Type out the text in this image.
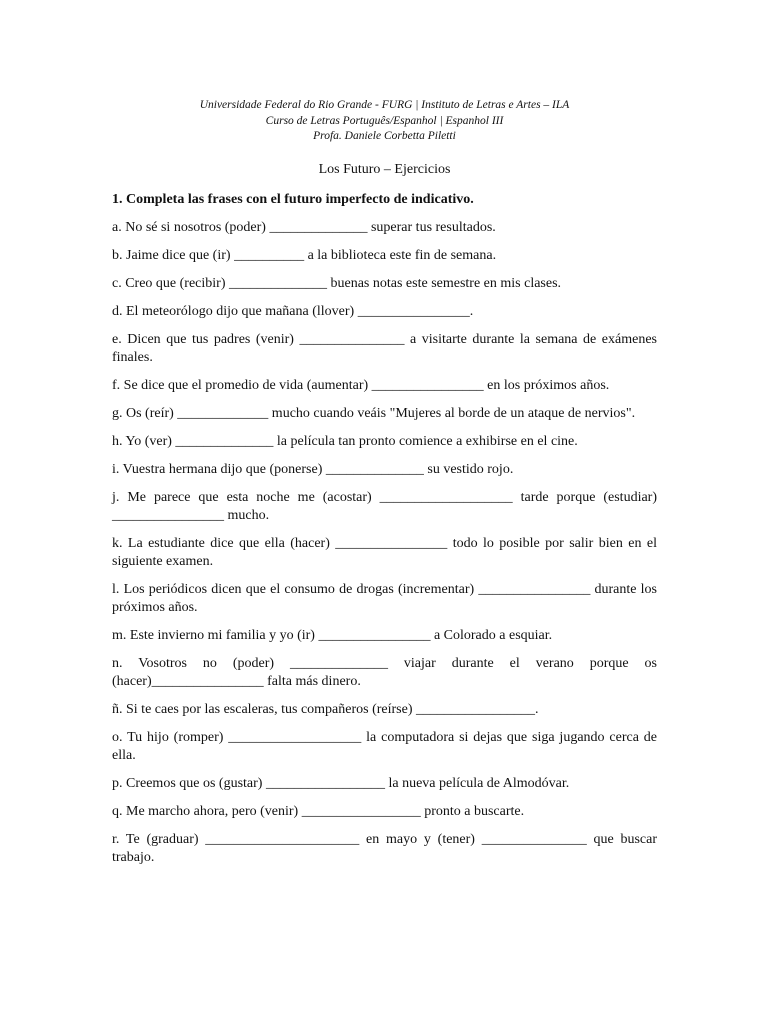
Universidade Federal do Rio Grande - FURG | Instituto de Letras e Artes – ILA
Curso de Letras Português/Espanhol | Espanhol III
Profa. Daniele Corbetta Piletti
Los Futuro – Ejercicios
1. Completa las frases con el futuro imperfecto de indicativo.
a. No sé si nosotros (poder) ______________ superar tus resultados.
b. Jaime dice que (ir) __________ a la biblioteca este fin de semana.
c. Creo que (recibir) ______________ buenas notas este semestre en mis clases.
d. El meteorólogo dijo que mañana (llover) ________________.
e. Dicen que tus padres (venir) _______________ a visitarte durante la semana de exámenes finales.
f. Se dice que el promedio de vida (aumentar) ________________ en los próximos años.
g. Os (reír) _____________ mucho cuando veáis "Mujeres al borde de un ataque de nervios".
h. Yo (ver) ______________ la película tan pronto comience a exhibirse en el cine.
i. Vuestra hermana dijo que (ponerse) ______________ su vestido rojo.
j. Me parece que esta noche me (acostar) ___________________ tarde porque (estudiar) ________________ mucho.
k. La estudiante dice que ella (hacer) ________________ todo lo posible por salir bien en el siguiente examen.
l. Los periódicos dicen que el consumo de drogas (incrementar) ________________ durante los próximos años.
m. Este invierno mi familia y yo (ir) ________________ a Colorado a esquiar.
n. Vosotros no (poder) ______________ viajar durante el verano porque os (hacer)________________ falta más dinero.
ñ. Si te caes por las escaleras, tus compañeros (reírse) _________________.
o. Tu hijo (romper) ___________________ la computadora si dejas que siga jugando cerca de ella.
p. Creemos que os (gustar) _________________ la nueva película de Almodóvar.
q. Me marcho ahora, pero (venir) _________________ pronto a buscarte.
r. Te (graduar) ______________________ en mayo y (tener) _______________ que buscar trabajo.
